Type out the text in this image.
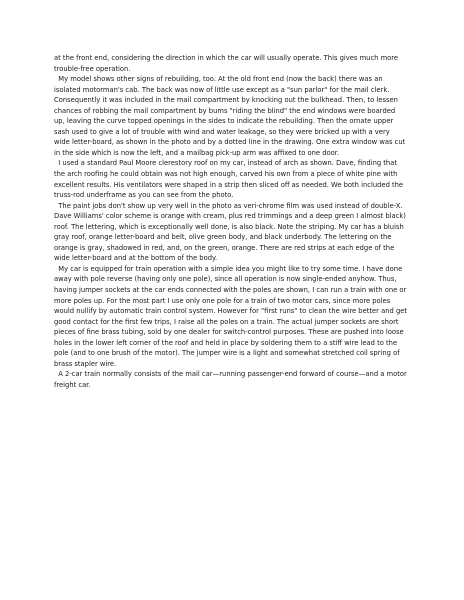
at the front end, considering the direction in which the car will usually operate. This gives much more
trouble-free operation.
My model shows other signs of rebuilding, too. At the old front end (now the back) there was an
isolated motorman's cab. The back was now of little use except as a "sun parlor" for the mail clerk.
Consequently it was included in the mail compartment by knocking out the bulkhead. Then, to lessen
chances of robbing the mail compartment by bums "riding the blind" the end windows were boarded
up, leaving the curve topped openings in the sides to indicate the rebuilding. Then the ornate upper
sash used to give a lot of trouble with wind and water leakage, so they were bricked up with a very
wide letter-board, as shown in the photo and by a dotted line in the drawing. One extra window was cut
in the side which is now the left, and a mailbag pick-up arm was affixed to one door.
I used a standard Paul Moore clerestory roof on my car, instead of arch as shown. Dave, finding that
the arch roofing he could obtain was not high enough, carved his own from a piece of white pine with
excellent results. His ventilators were shaped in a strip then sliced off as needed. We both included the
truss-rod underframe as you can see from the photo.
The paint jobs don't show up very well in the photo as veri-chrome film was used instead of double-X.
Dave Williams' color scheme is orange with cream, plus red trimmings and a deep green I almost black)
roof. The lettering, which is exceptionally well done, is also black. Note the striping. My car has a bluish
gray roof, orange letter-board and belt, olive green body, and black underbody. The lettering on the
orange is gray, shadowed in red, and, on the green, orange. There are red strips at each edge of the
wide letter-board and at the bottom of the body.
My car is equipped for train operation with a simple idea you might like to try some time. I have done
away with pole reverse (having only one pole), since all operation is now single-ended anyhow. Thus,
having jumper sockets at the car ends connected with the poles are shown, I can run a train with one or
more poles up. For the most part I use only one pole for a train of two motor cars, since more poles
would nullify by automatic train control system. However for "first runs" to clean the wire better and get
good contact for the first few trips, I raise all the poles on a train. The actual jumper sockets are short
pieces of fine brass tubing, sold by one dealer for switch-control purposes. These are pushed into loose
holes in the lower left corner of the roof and held in place by soldering them to a stiff wire lead to the
pole (and to one brush of the motor). The jumper wire is a light and somewhat stretched coil spring of
brass stapler wire.
A 2-car train normally consists of the mail car—running passenger-end forward of course—and a motor
freight car.
